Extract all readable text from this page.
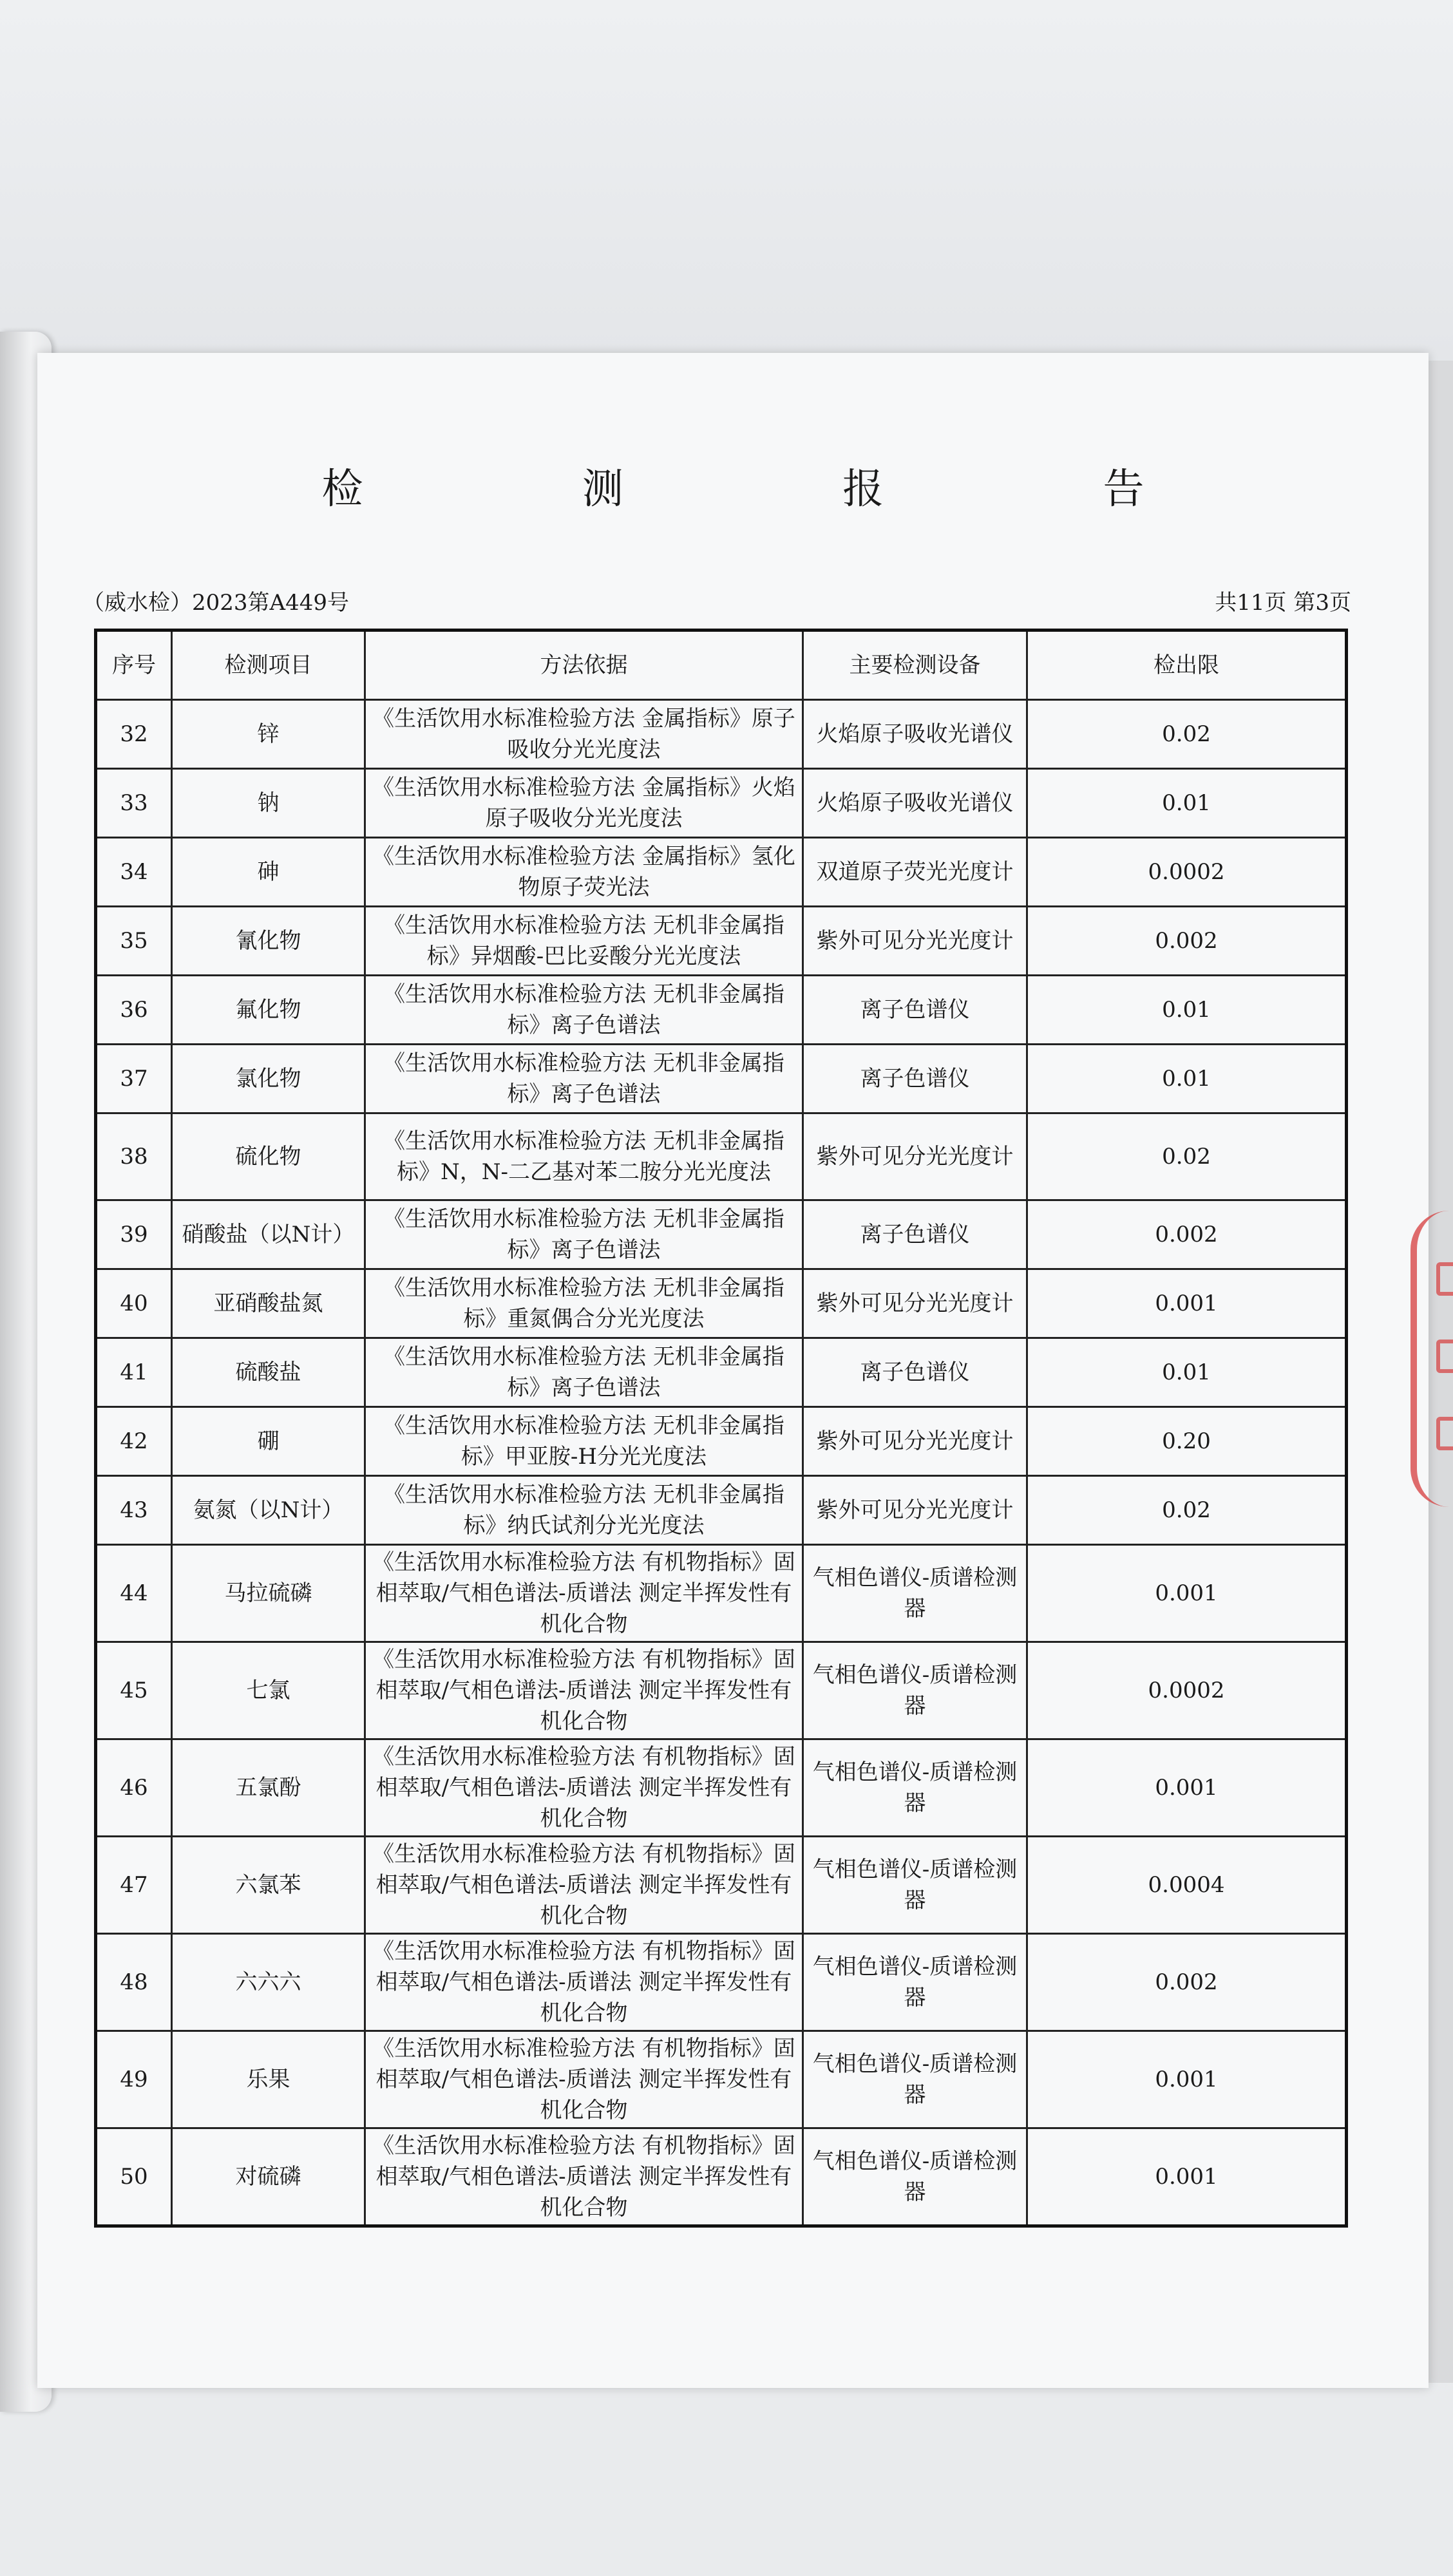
检 测 报 告
（威水检）2023第A449号	共11页 第3页
序号	检测项目	方法依据	主要检测设备	检出限
32	锌	《生活饮用水标准检验方法 金属指标》原子吸收分光光度法	火焰原子吸收光谱仪	0.02
33	钠	《生活饮用水标准检验方法 金属指标》火焰原子吸收分光光度法	火焰原子吸收光谱仪	0.01
34	砷	《生活饮用水标准检验方法 金属指标》氢化物原子荧光法	双道原子荧光光度计	0.0002
35	氰化物	《生活饮用水标准检验方法 无机非金属指标》异烟酸-巴比妥酸分光光度法	紫外可见分光光度计	0.002
36	氟化物	《生活饮用水标准检验方法 无机非金属指标》离子色谱法	离子色谱仪	0.01
37	氯化物	《生活饮用水标准检验方法 无机非金属指标》离子色谱法	离子色谱仪	0.01
38	硫化物	《生活饮用水标准检验方法 无机非金属指标》N，N-二乙基对苯二胺分光光度法	紫外可见分光光度计	0.02
39	硝酸盐（以N计）	《生活饮用水标准检验方法 无机非金属指标》离子色谱法	离子色谱仪	0.002
40	亚硝酸盐氮	《生活饮用水标准检验方法 无机非金属指标》重氮偶合分光光度法	紫外可见分光光度计	0.001
41	硫酸盐	《生活饮用水标准检验方法 无机非金属指标》离子色谱法	离子色谱仪	0.01
42	硼	《生活饮用水标准检验方法 无机非金属指标》甲亚胺-H分光光度法	紫外可见分光光度计	0.20
43	氨氮（以N计）	《生活饮用水标准检验方法 无机非金属指标》纳氏试剂分光光度法	紫外可见分光光度计	0.02
44	马拉硫磷	《生活饮用水标准检验方法 有机物指标》固相萃取/气相色谱法-质谱法 测定半挥发性有机化合物	气相色谱仪-质谱检测器	0.001
45	七氯	《生活饮用水标准检验方法 有机物指标》固相萃取/气相色谱法-质谱法 测定半挥发性有机化合物	气相色谱仪-质谱检测器	0.0002
46	五氯酚	《生活饮用水标准检验方法 有机物指标》固相萃取/气相色谱法-质谱法 测定半挥发性有机化合物	气相色谱仪-质谱检测器	0.001
47	六氯苯	《生活饮用水标准检验方法 有机物指标》固相萃取/气相色谱法-质谱法 测定半挥发性有机化合物	气相色谱仪-质谱检测器	0.0004
48	六六六	《生活饮用水标准检验方法 有机物指标》固相萃取/气相色谱法-质谱法 测定半挥发性有机化合物	气相色谱仪-质谱检测器	0.002
49	乐果	《生活饮用水标准检验方法 有机物指标》固相萃取/气相色谱法-质谱法 测定半挥发性有机化合物	气相色谱仪-质谱检测器	0.001
50	对硫磷	《生活饮用水标准检验方法 有机物指标》固相萃取/气相色谱法-质谱法 测定半挥发性有机化合物	气相色谱仪-质谱检测器	0.001
